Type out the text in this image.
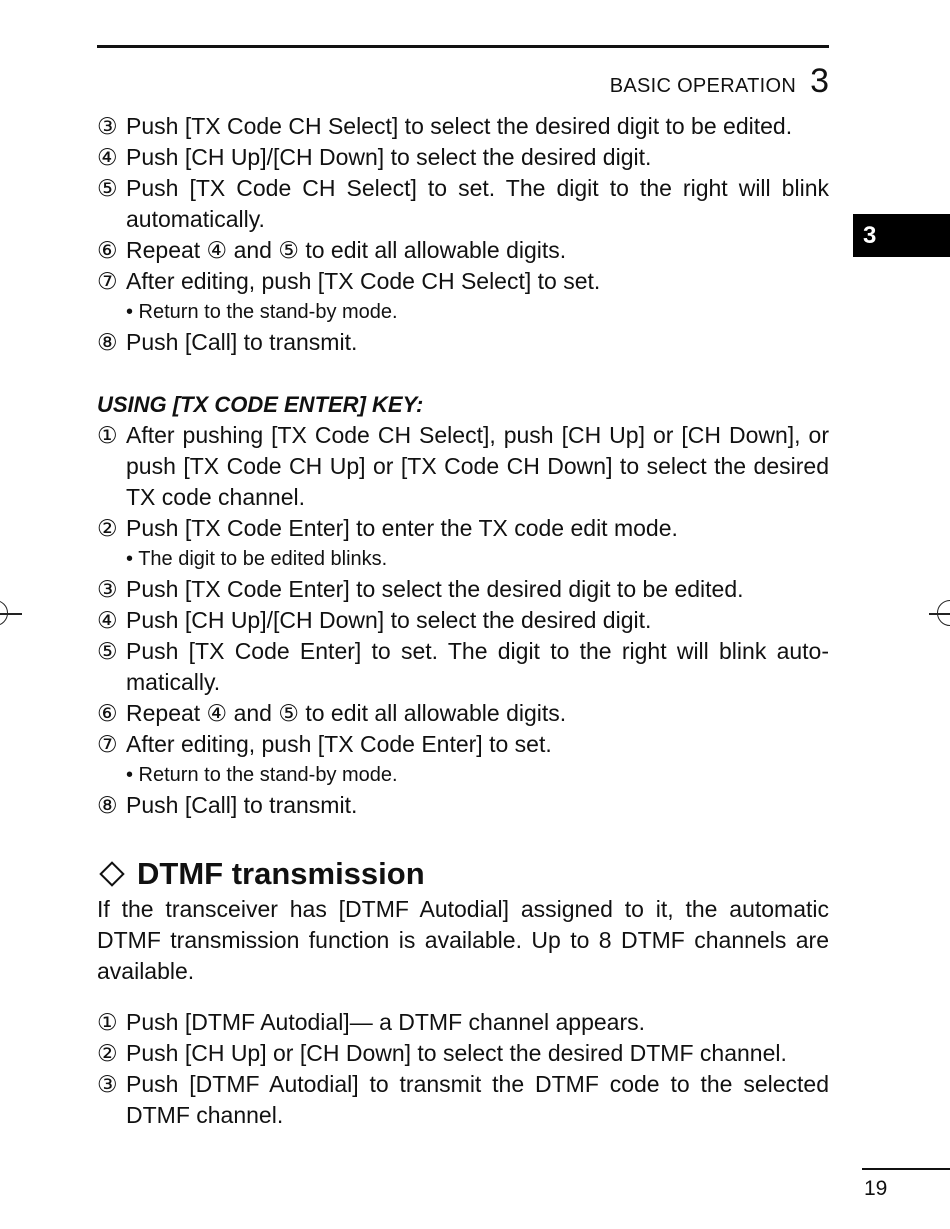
BASIC OPERATION 3
3
③ Push [TX Code CH Select] to select the desired digit to be edited.
④ Push [CH Up]/[CH Down] to select the desired digit.
⑤ Push [TX Code CH Select] to set. The digit to the right will blink automatically.
⑥ Repeat ④ and ⑤ to edit all allowable digits.
⑦ After editing, push [TX Code CH Select] to set.
• Return to the stand-by mode.
⑧ Push [Call] to transmit.
USING [TX CODE ENTER] KEY:
① After pushing [TX Code CH Select], push [CH Up] or [CH Down], or push [TX Code CH Up] or [TX Code CH Down] to select the desired TX code channel.
② Push [TX Code Enter] to enter the TX code edit mode.
• The digit to be edited blinks.
③ Push [TX Code Enter] to select the desired digit to be edited.
④ Push [CH Up]/[CH Down] to select the desired digit.
⑤ Push [TX Code Enter] to set. The digit to the right will blink auto-matically.
⑥ Repeat ④ and ⑤ to edit all allowable digits.
⑦ After editing, push [TX Code Enter] to set.
• Return to the stand-by mode.
⑧ Push [Call] to transmit.
DTMF transmission
If the transceiver has [DTMF Autodial] assigned to it, the automatic DTMF transmission function is available. Up to 8 DTMF channels are available.
① Push [DTMF Autodial]— a DTMF channel appears.
② Push [CH Up] or [CH Down] to select the desired DTMF channel.
③ Push [DTMF Autodial] to transmit the DTMF code to the selected DTMF channel.
19
